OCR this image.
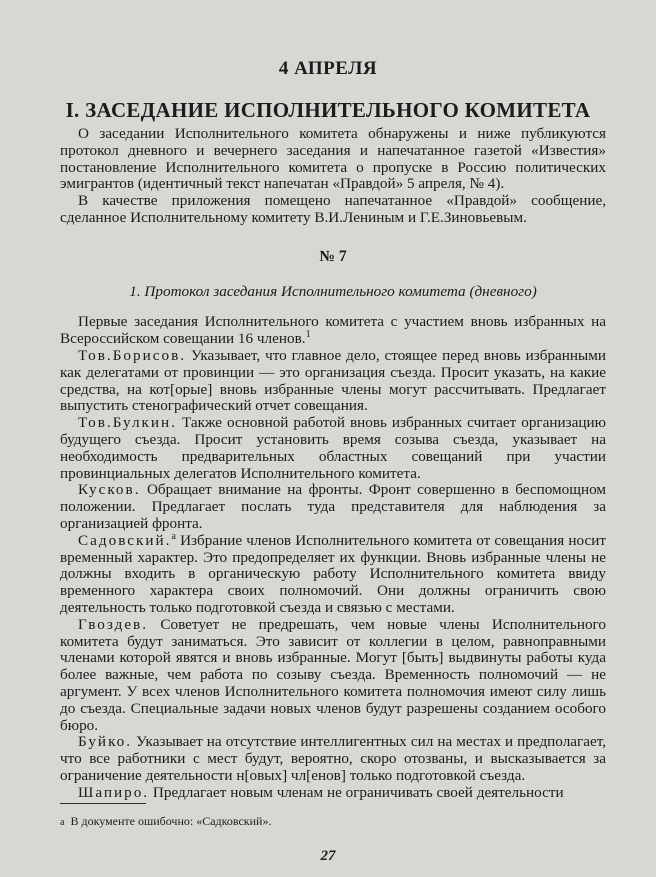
4 АПРЕЛЯ
I. ЗАСЕДАНИЕ ИСПОЛНИТЕЛЬНОГО КОМИТЕТА

О заседании Исполнительного комитета обнаружены и ниже публикуются протокол дневного и вечернего заседания и напечатанное газетой «Известия» постановление Исполнительного комитета о пропуске в Россию политических эмигрантов (идентичный текст напечатан «Правдой» 5 апреля, № 4).

В качестве приложения помещено напечатанное «Правдой» сообщение, сделанное Исполнительному комитету В.И.Лениным и Г.Е.Зиновьевым.

№ 7
1. Протокол заседания Исполнительного комитета (дневного)

Первые заседания Исполнительного комитета с участием вновь избранных на Всероссийском совещании 16 членов.$^1$

Тов.Борисов. Указывает, что главное дело, стоящее перед вновь избранными как делегатами от провинции — это организация съезда. Просит указать, на какие средства, на кот[орые] вновь избранные члены могут рассчитывать. Предлагает выпустить стенографический отчет совещания.

Тов.Булкин. Также основной работой вновь избранных считает организацию будущего съезда. Просит установить время созыва съезда, указывает на необходимость предварительных областных совещаний при участии провинциальных делегатов Исполнительного комитета.

Кусков. Обращает внимание на фронты. Фронт совершенно в беспомощном положении. Предлагает послать туда представителя для наблюдения за организацией фронта.

Садовский.$^а$ Избрание членов Исполнительного комитета от совещания носит временный характер. Это предопределяет их функции. Вновь избранные члены не должны входить в органическую работу Исполнительного комитета ввиду временного характера своих полномочий. Они должны ограничить свою деятельность только подготовкой съезда и связью с местами.

Гвоздев. Советует не предрешать, чем новые члены Исполнительного комитета будут заниматься. Это зависит от коллегии в целом, равноправными членами которой явятся и вновь избранные. Могут [быть] выдвинуты работы куда более важные, чем работа по созыву съезда. Временность полномочий — не аргумент. У всех членов Исполнительного комитета полномочия имеют силу лишь до съезда. Специальные задачи новых членов будут разрешены созданием особого бюро.

Буйко. Указывает на отсутствие интеллигентных сил на местах и предполагает, что все работники с мест будут, вероятно, скоро отозваны, и высказывается за ограничение деятельности н[овых] чл[енов] только подготовкой съезда.

Шапиро. Предлагает новым членам не ограничивать своей деятельности

а В документе ошибочно: «Садковский».
27
